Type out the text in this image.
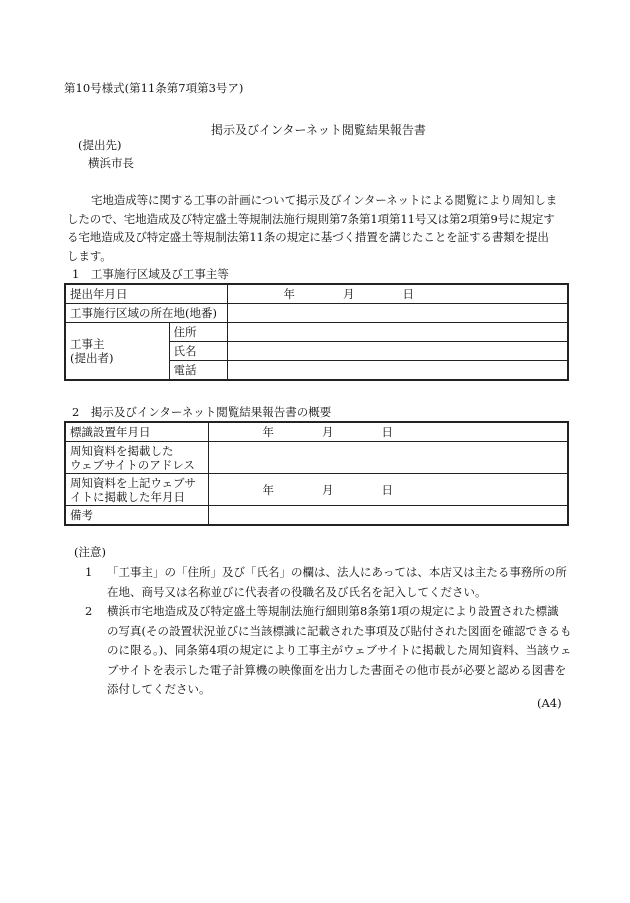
第10号様式(第11条第7項第3号ア)
掲示及びインターネット閲覧結果報告書
(提出先)
横浜市長
宅地造成等に関する工事の計画について掲示及びインターネットによる閲覧により周知しま
したので、宅地造成及び特定盛土等規制法施行規則第7条第1項第11号又は第2項第9号に規定す
る宅地造成及び特定盛土等規制法第11条の規定に基づく措置を講じたことを証する書類を提出
します。
1　工事施行区域及び工事主等
提出年月日		年 月 日
工事施行区域の所在地(地番)		
工事主
(提出者)	住所	
	氏名	
	電話	
2　掲示及びインターネット閲覧結果報告書の概要
標識設置年月日	年 月 日
周知資料を掲載した
ウェブサイトのアドレス	
周知資料を上記ウェブサ
イトに掲載した年月日	年 月 日
備考	
(注意)
1 「工事主」の「住所」及び「氏名」の欄は、法人にあっては、本店又は主たる事務所の所
在地、商号又は名称並びに代表者の役職名及び氏名を記入してください。
2 横浜市宅地造成及び特定盛土等規制法施行細則第8条第1項の規定により設置された標識
の写真(その設置状況並びに当該標識に記載された事項及び貼付された図面を確認できるも
のに限る。)、同条第4項の規定により工事主がウェブサイトに掲載した周知資料、当該ウェ
ブサイトを表示した電子計算機の映像面を出力した書面その他市長が必要と認める図書を
添付してください。
(A4)
